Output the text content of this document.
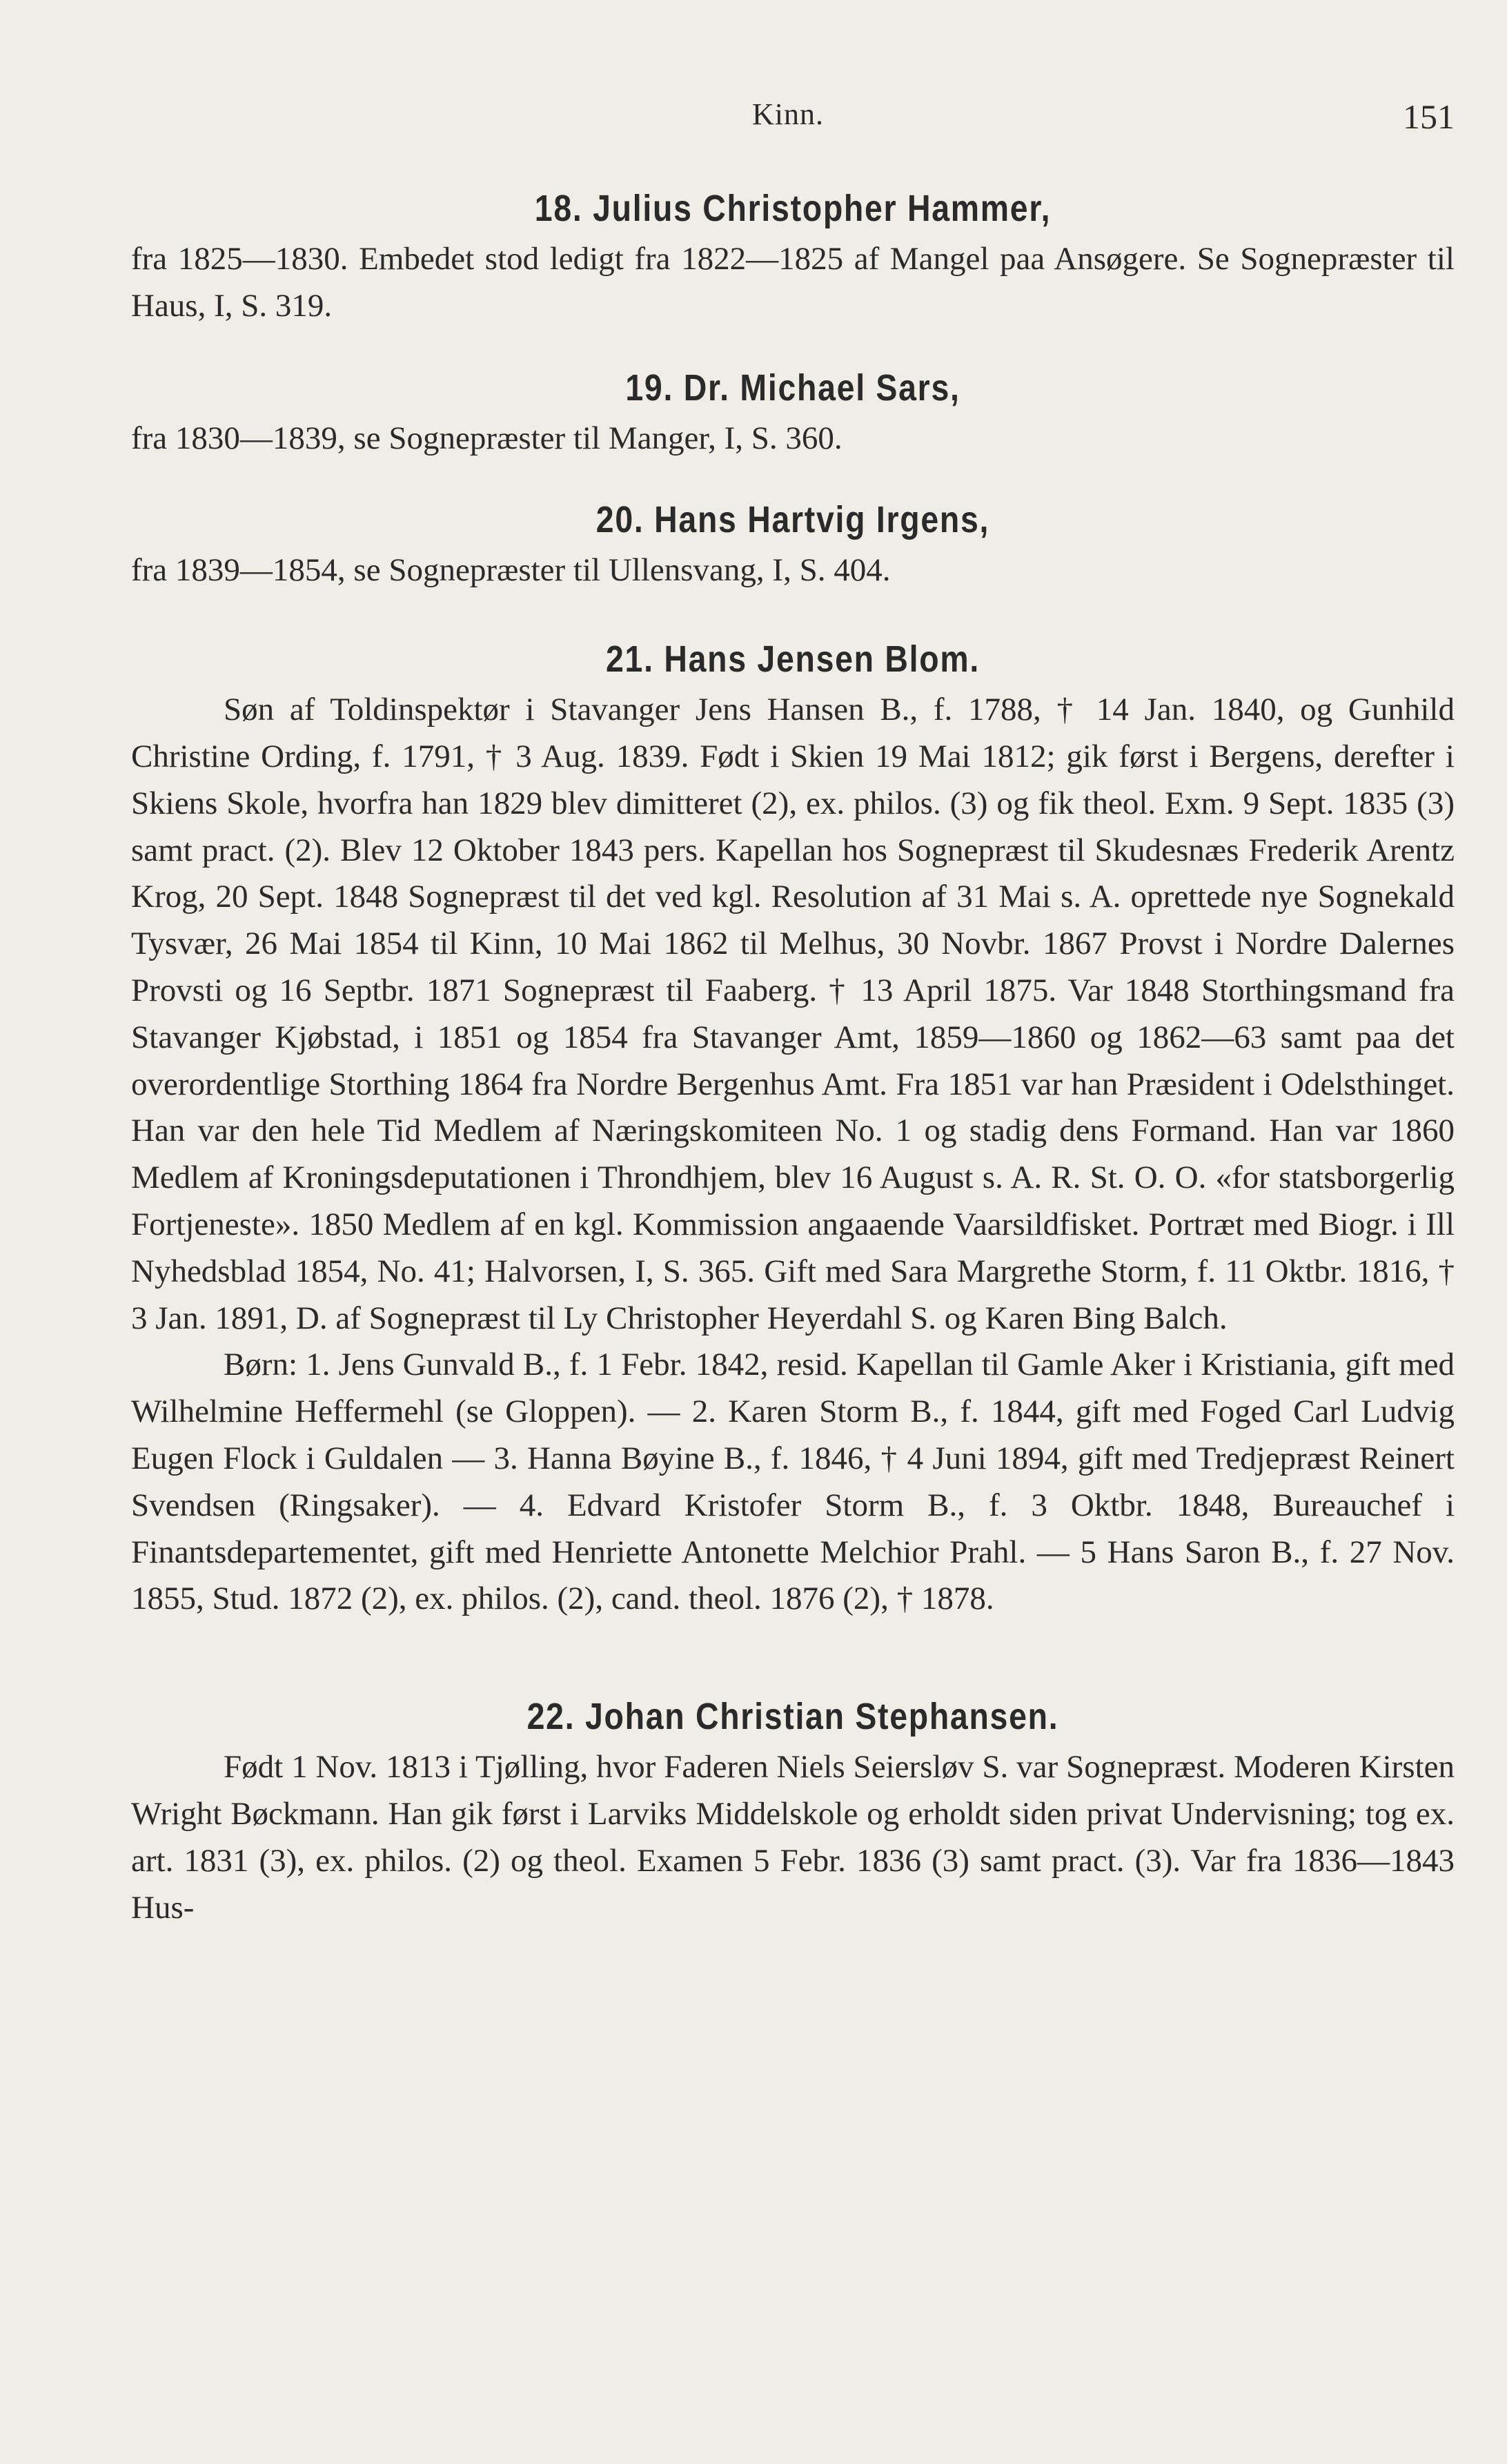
Kinn.	151
18. Julius Christopher Hammer,

fra 1825—1830. Embedet stod ledigt fra 1822—1825 af Mangel paa Ansøgere. Se Sognepræster til Haus, I, S. 319.

19. Dr. Michael Sars,

fra 1830—1839, se Sognepræster til Manger, I, S. 360.

20. Hans Hartvig Irgens,

fra 1839—1854, se Sognepræster til Ullensvang, I, S. 404.

21. Hans Jensen Blom.

Søn af Toldinspektør i Stavanger Jens Hansen B., f. 1788, † 14 Jan. 1840, og Gunhild Christine Ording, f. 1791, † 3 Aug. 1839. Født i Skien 19 Mai 1812; gik først i Bergens, derefter i Skiens Skole, hvorfra han 1829 blev dimitteret (2), ex. philos. (3) og fik theol. Exm. 9 Sept. 1835 (3) samt pract. (2). Blev 12 Oktober 1843 pers. Kapellan hos Sognepræst til Skudesnæs Frederik Arentz Krog, 20 Sept. 1848 Sognepræst til det ved kgl. Resolution af 31 Mai s. A. oprettede nye Sognekald Tysvær, 26 Mai 1854 til Kinn, 10 Mai 1862 til Melhus, 30 Novbr. 1867 Provst i Nordre Dalernes Provsti og 16 Septbr. 1871 Sognepræst til Faaberg. † 13 April 1875. Var 1848 Storthingsmand fra Stavanger Kjøbstad, i 1851 og 1854 fra Stavanger Amt, 1859—1860 og 1862—63 samt paa det overordentlige Storthing 1864 fra Nordre Bergenhus Amt. Fra 1851 var han Præsident i Odelsthinget. Han var den hele Tid Medlem af Næringskomiteen No. 1 og stadig dens Formand. Han var 1860 Medlem af Kroningsdeputationen i Throndhjem, blev 16 August s. A. R. St. O. O. «for statsborgerlig Fortjeneste». 1850 Medlem af en kgl. Kommission angaaende Vaarsildfisket. Portræt med Biogr. i Ill Nyhedsblad 1854, No. 41; Halvorsen, I, S. 365. Gift med Sara Margrethe Storm, f. 11 Oktbr. 1816, † 3 Jan. 1891, D. af Sognepræst til Ly Christopher Heyerdahl S. og Karen Bing Balch.

Børn: 1. Jens Gunvald B., f. 1 Febr. 1842, resid. Kapellan til Gamle Aker i Kristiania, gift med Wilhelmine Heffermehl (se Gloppen). — 2. Karen Storm B., f. 1844, gift med Foged Carl Ludvig Eugen Flock i Guldalen — 3. Hanna Bøyine B., f. 1846, † 4 Juni 1894, gift med Tredjepræst Reinert Svendsen (Ringsaker). — 4. Edvard Kristofer Storm B., f. 3 Oktbr. 1848, Bureauchef i Finantsdepartementet, gift med Henriette Antonette Melchior Prahl. — 5 Hans Saron B., f. 27 Nov. 1855, Stud. 1872 (2), ex. philos. (2), cand. theol. 1876 (2), † 1878.

22. Johan Christian Stephansen.

Født 1 Nov. 1813 i Tjølling, hvor Faderen Niels Seiersløv S. var Sognepræst. Moderen Kirsten Wright Bøckmann. Han gik først i Larviks Middelskole og erholdt siden privat Undervisning; tog ex. art. 1831 (3), ex. philos. (2) og theol. Examen 5 Febr. 1836 (3) samt pract. (3). Var fra 1836—1843 Hus-
